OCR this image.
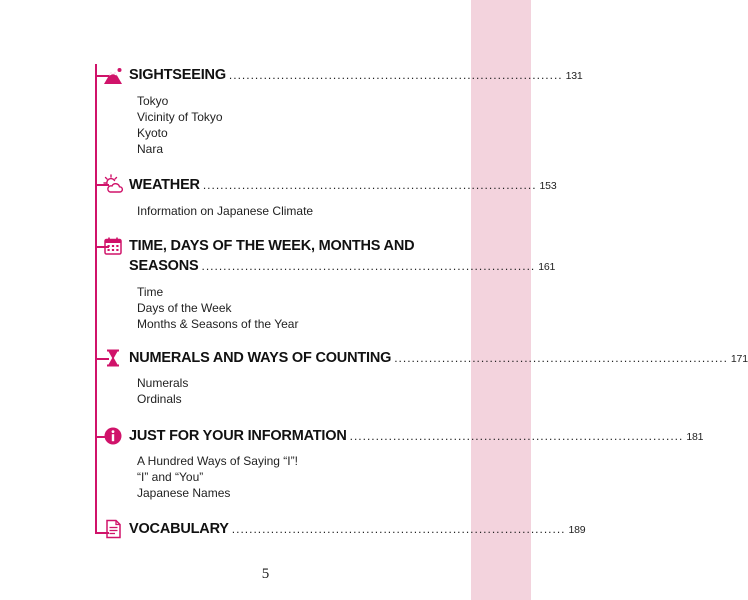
SIGHTSEEING ............................................................................. 131
Tokyo
Vicinity of Tokyo
Kyoto
Nara
WEATHER ............................................................................. 153
Information on Japanese Climate
TIME, DAYS OF THE WEEK, MONTHS AND
SEASONS ............................................................................. 161
Time
Days of the Week
Months & Seasons of the Year
NUMERALS AND WAYS OF COUNTING ............................................................................. 171
Numerals
Ordinals
JUST FOR YOUR INFORMATION ............................................................................. 181
A Hundred Ways of Saying “I”!
“I” and “You”
Japanese Names
VOCABULARY ............................................................................. 189
5
